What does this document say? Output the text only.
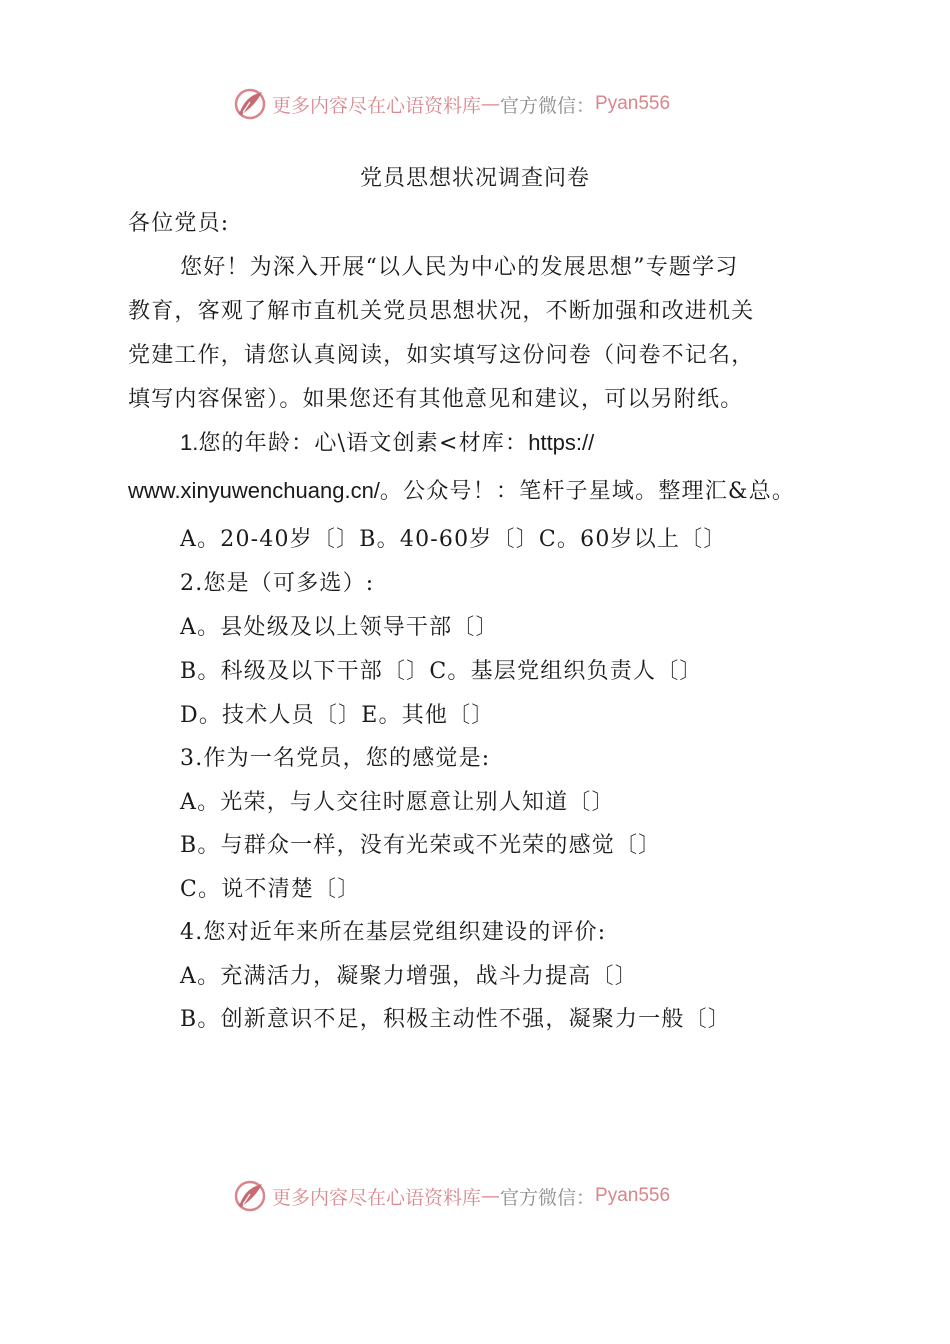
更多内容尽在心语资料库 — 官方微信： Pyan556
党员思想状况调查问卷
各位党员:
您好！为深入开展“以人民为中心的发展思想”专题学习
教育，客观了解市直机关党员思想状况，不断加强和改进机关
党建工作，请您认真阅读，如实填写这份问卷（问卷不记名，
填写内容保密）。如果您还有其他意见和建议，可以另附纸。
1.您的年龄：心\语文创素<材库：https://
www.xinyuwenchuang.cn/。公众号！：笔杆子星域。整理汇&总。
A。20-40岁〔〕B。40-60岁〔〕C。60岁以上〔〕
2.您是（可多选）:
A。县处级及以上领导干部〔〕
B。科级及以下干部〔〕C。基层党组织负责人〔〕
D。技术人员〔〕E。其他〔〕
3.作为一名党员，您的感觉是:
A。光荣，与人交往时愿意让别人知道〔〕
B。与群众一样，没有光荣或不光荣的感觉〔〕
C。说不清楚〔〕
4.您对近年来所在基层党组织建设的评价:
A。充满活力，凝聚力增强，战斗力提高〔〕
B。创新意识不足，积极主动性不强，凝聚力一般〔〕
更多内容尽在心语资料库 — 官方微信： Pyan556
